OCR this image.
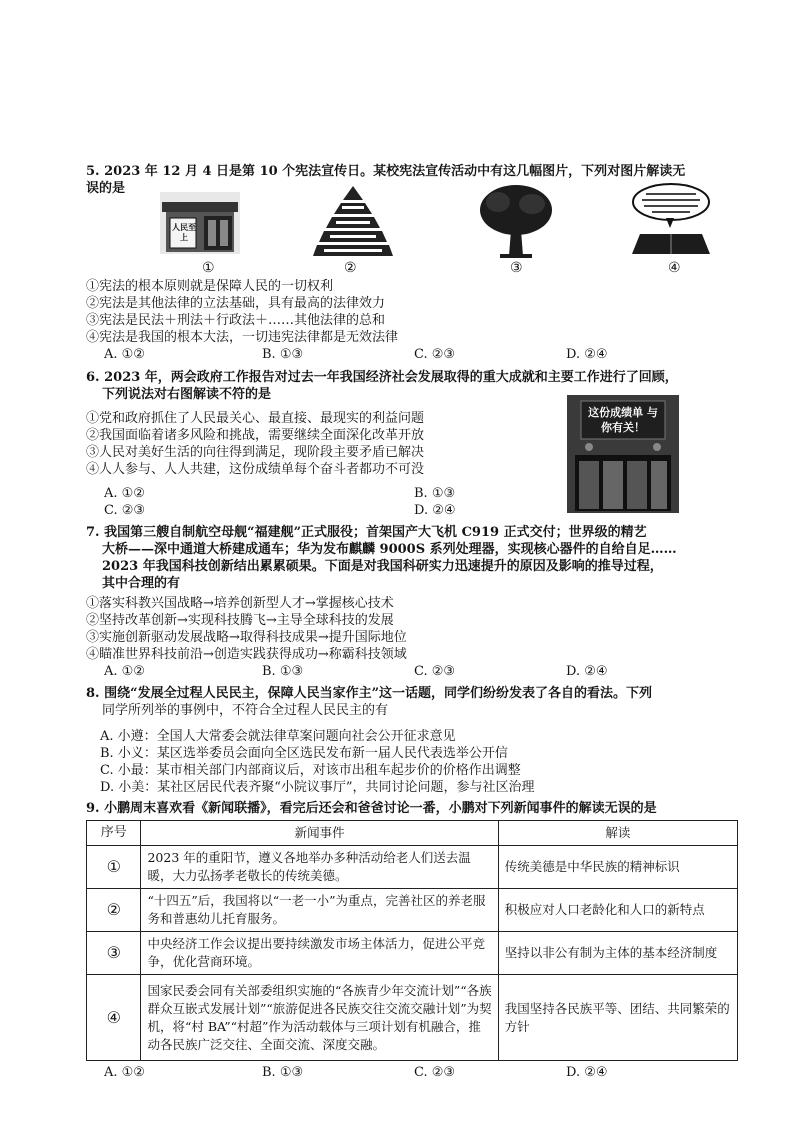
5. 2023 年 12 月 4 日是第 10 个宪法宣传日。某校宪法宣传活动中有这几幅图片，下列对图片解读无
误的是
人民至上
①	②	③	④
①宪法的根本原则就是保障人民的一切权利
②宪法是其他法律的立法基础，具有最高的法律效力
③宪法是民法＋刑法＋行政法＋……其他法律的总和
④宪法是我国的根本大法，一切违宪法律都是无效法律
A. ①②	B. ①③	C. ②③	D. ②④
6. 2023 年，两会政府工作报告对过去一年我国经济社会发展取得的重大成就和主要工作进行了回顾，
下列说法对右图解读不符的是
①党和政府抓住了人民最关心、最直接、最现实的利益问题
②我国面临着诸多风险和挑战，需要继续全面深化改革开放
③人民对美好生活的向往得到满足，现阶段主要矛盾已解决
④人人参与、人人共建，这份成绩单每个奋斗者都功不可没
A. ①②	B. ①③
C. ②③	D. ②④
这份成绩单 与你有关！
7. 我国第三艘自制航空母舰“福建舰”正式服役；首架国产大飞机 C919 正式交付；世界级的精艺
大桥——深中通道大桥建成通车；华为发布麒麟 9000S 系列处理器，实现核心器件的自给自足……
2023 年我国科技创新结出累累硕果。下面是对我国科研实力迅速提升的原因及影响的推导过程，
其中合理的有
①落实科教兴国战略→培养创新型人才→掌握核心技术
②坚持改革创新→实现科技腾飞→主导全球科技的发展
③实施创新驱动发展战略→取得科技成果→提升国际地位
④瞄准世界科技前沿→创造实践获得成功→称霸科技领域
A. ①②	B. ①③	C. ②③	D. ②④
8. 围绕“发展全过程人民民主，保障人民当家作主”这一话题，同学们纷纷发表了各自的看法。下列
同学所列举的事例中，不符合全过程人民民主的有
A. 小遵：全国人大常委会就法律草案问题向社会公开征求意见
B. 小义：某区选举委员会面向全区选民发布新一届人民代表选举公开信
C. 小最：某市相关部门内部商议后，对该市出租车起步价的价格作出调整
D. 小美：某社区居民代表齐聚“小院议事厅”，共同讨论问题，参与社区治理
9. 小鹏周末喜欢看《新闻联播》，看完后还会和爸爸讨论一番，小鹏对下列新闻事件的解读无误的是
序号	新闻事件	解读
①	2023 年的重阳节，遵义各地举办多种活动给老人们送去温暖，大力弘扬孝老敬长的传统美德。	传统美德是中华民族的精神标识
②	“十四五”后，我国将以“一老一小”为重点，完善社区的养老服务和普惠幼儿托育服务。	积极应对人口老龄化和人口的新特点
③	中央经济工作会议提出要持续激发市场主体活力，促进公平竞争，优化营商环境。	坚持以非公有制为主体的基本经济制度
④	国家民委会同有关部委组织实施的“各族青少年交流计划”“各族群众互嵌式发展计划”“旅游促进各民族交往交流交融计划”为契机，将“村 BA”“村超”作为活动载体与三项计划有机融合，推动各民族广泛交往、全面交流、深度交融。	我国坚持各民族平等、团结、共同繁荣的方针
A. ①②	B. ①③	C. ②③	D. ②④
